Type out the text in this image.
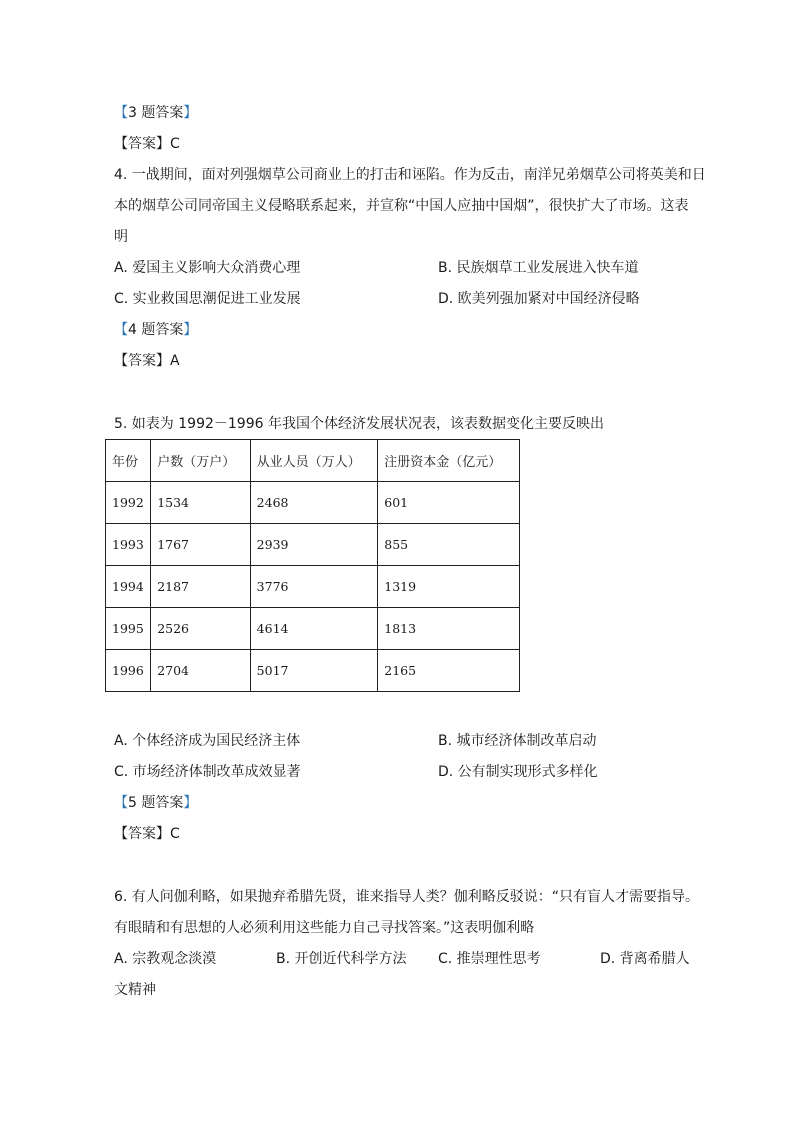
【3 题答案】
【答案】C
4. 一战期间，面对列强烟草公司商业上的打击和诬陷。作为反击，南洋兄弟烟草公司将英美和日
本的烟草公司同帝国主义侵略联系起来，并宣称“中国人应抽中国烟”，很快扩大了市场。这表
明
A. 爱国主义影响大众消费心理	B. 民族烟草工业发展进入快车道
C. 实业救国思潮促进工业发展	D. 欧美列强加紧对中国经济侵略
【4 题答案】
【答案】A
5. 如表为 1992－1996 年我国个体经济发展状况表，该表数据变化主要反映出
年份	户数（万户）	从业人员（万人）	注册资本金（亿元）
1992	1534	2468	601
1993	1767	2939	855
1994	2187	3776	1319
1995	2526	4614	1813
1996	2704	5017	2165
A. 个体经济成为国民经济主体	B. 城市经济体制改革启动
C. 市场经济体制改革成效显著	D. 公有制实现形式多样化
【5 题答案】
【答案】C
6. 有人问伽利略，如果抛弃希腊先贤，谁来指导人类？伽利略反驳说：“只有盲人才需要指导。
有眼睛和有思想的人必须利用这些能力自己寻找答案。”这表明伽利略
A. 宗教观念淡漠	B. 开创近代科学方法 C. 推崇理性思考	D. 背离希腊人
文精神
